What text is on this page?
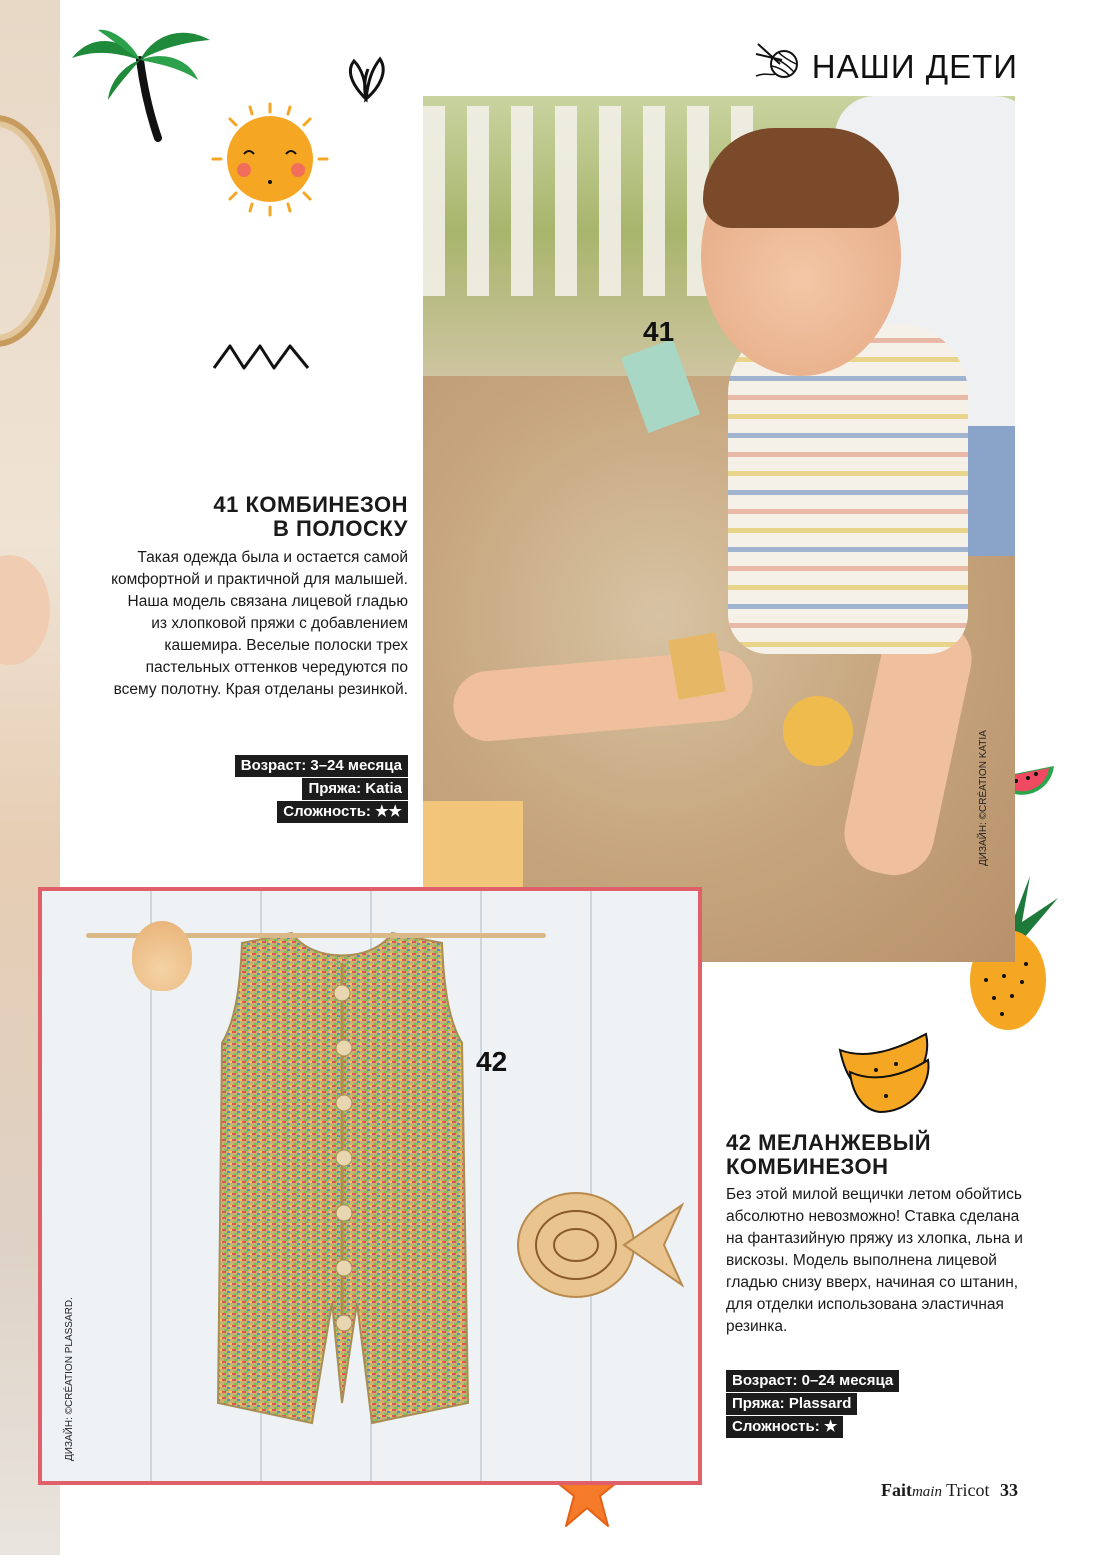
НАШИ ДЕТИ
41
ДИЗАЙН: ©CRÉATION KATIA
41 КОМБИНЕЗОН
В ПОЛОСКУ
Такая одежда была и остается самой комфортной и практичной для малышей. Наша модель связана лицевой гладью из хлопковой пряжи с добавлением кашемира. Веселые полоски трех пастельных оттенков чередуются по всему полотну. Края отделаны резинкой.
Возраст: 3–24 месяца
Пряжа: Katia
Сложность: ★★
42
ДИЗАЙН: ©CRÉATION PLASSARD.
42 МЕЛАНЖЕВЫЙ
КОМБИНЕЗОН
Без этой милой вещички летом обойтись абсолютно невозможно! Ставка сделана на фантазийную пряжу из хлопка, льна и вискозы. Модель выполнена лицевой гладью снизу вверх, начиная со штанин, для отделки использована эластичная резинка.
Возраст: 0–24 месяца
Пряжа: Plassard
Сложность: ★
Faitmain Tricot 33
